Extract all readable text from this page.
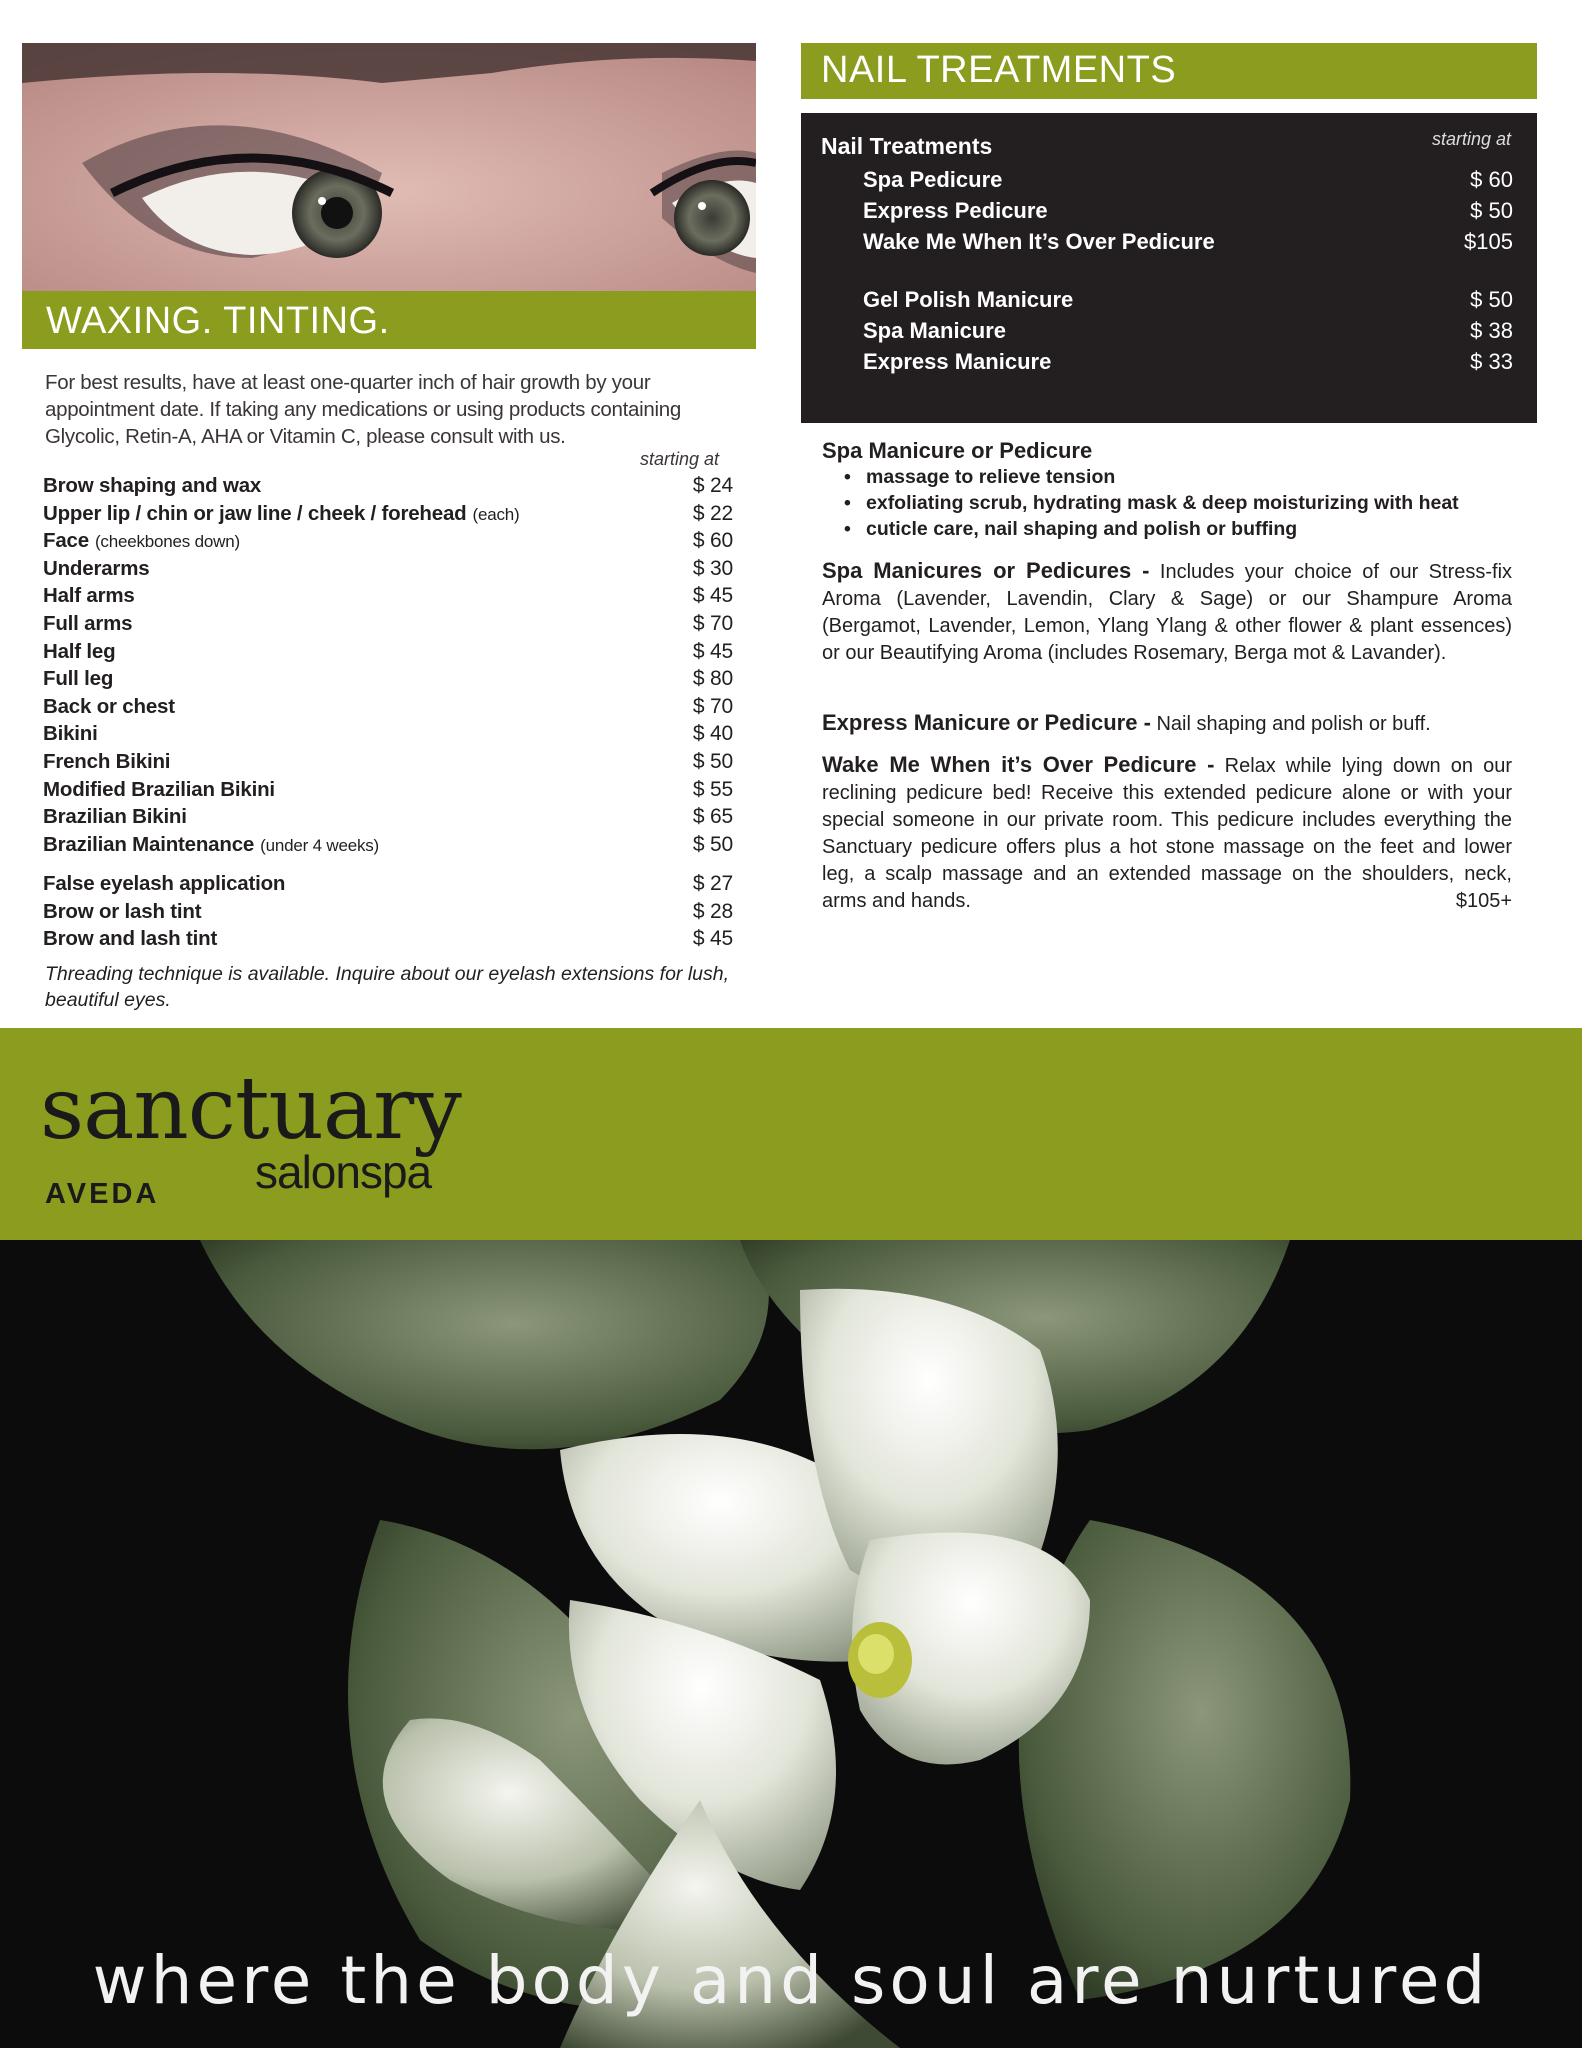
WAXING. TINTING.

For best results, have at least one-quarter inch of hair growth by your appointment date. If taking any medications or using products containing Glycolic, Retin-A, AHA or Vitamin C, please consult with us.

starting at
Brow shaping and wax	$ 24
Upper lip / chin or jaw line / cheek / forehead (each)	$ 22
Face (cheekbones down)	$ 60
Underarms	$ 30
Half arms	$ 45
Full arms	$ 70
Half leg	$ 45
Full leg	$ 80
Back or chest	$ 70
Bikini	$ 40
French Bikini	$ 50
Modified Brazilian Bikini	$ 55
Brazilian Bikini	$ 65
Brazilian Maintenance (under 4 weeks)	$ 50
False eyelash application	$ 27
Brow or lash tint	$ 28
Brow and lash tint	$ 45

Threading technique is available. Inquire about our eyelash extensions for lush, beautiful eyes.

NAIL TREATMENTS
Nail Treatments	starting at
Spa Pedicure	$ 60
Express Pedicure	$ 50
Wake Me When It’s Over Pedicure	$105
Gel Polish Manicure	$ 50
Spa Manicure	$ 38
Express Manicure	$ 33
Spa Manicure or Pedicure
• massage to relieve tension
• exfoliating scrub, hydrating mask & deep moisturizing with heat
• cuticle care, nail shaping and polish or buffing

Spa Manicures or Pedicures - Includes your choice of our Stress-fix Aroma (Lavender, Lavendin, Clary & Sage) or our Shampure Aroma (Bergamot, Lavender, Lemon, Ylang Ylang & other flower & plant essences) or our Beautifying Aroma (includes Rosemary, Berga mot & Lavander).

Express Manicure or Pedicure - Nail shaping and polish or buff.

Wake Me When it’s Over Pedicure - Relax while lying down on our reclining pedicure bed! Receive this extended pedicure alone or with your special someone in our private room. This pedicure includes everything the Sanctuary pedicure offers plus a hot stone massage on the feet and lower leg, a scalp massage and an extended massage on the shoulders, neck, arms and hands.	$105+

sanctuary
salonspa
AVEDA
where the body and soul are nurtured
